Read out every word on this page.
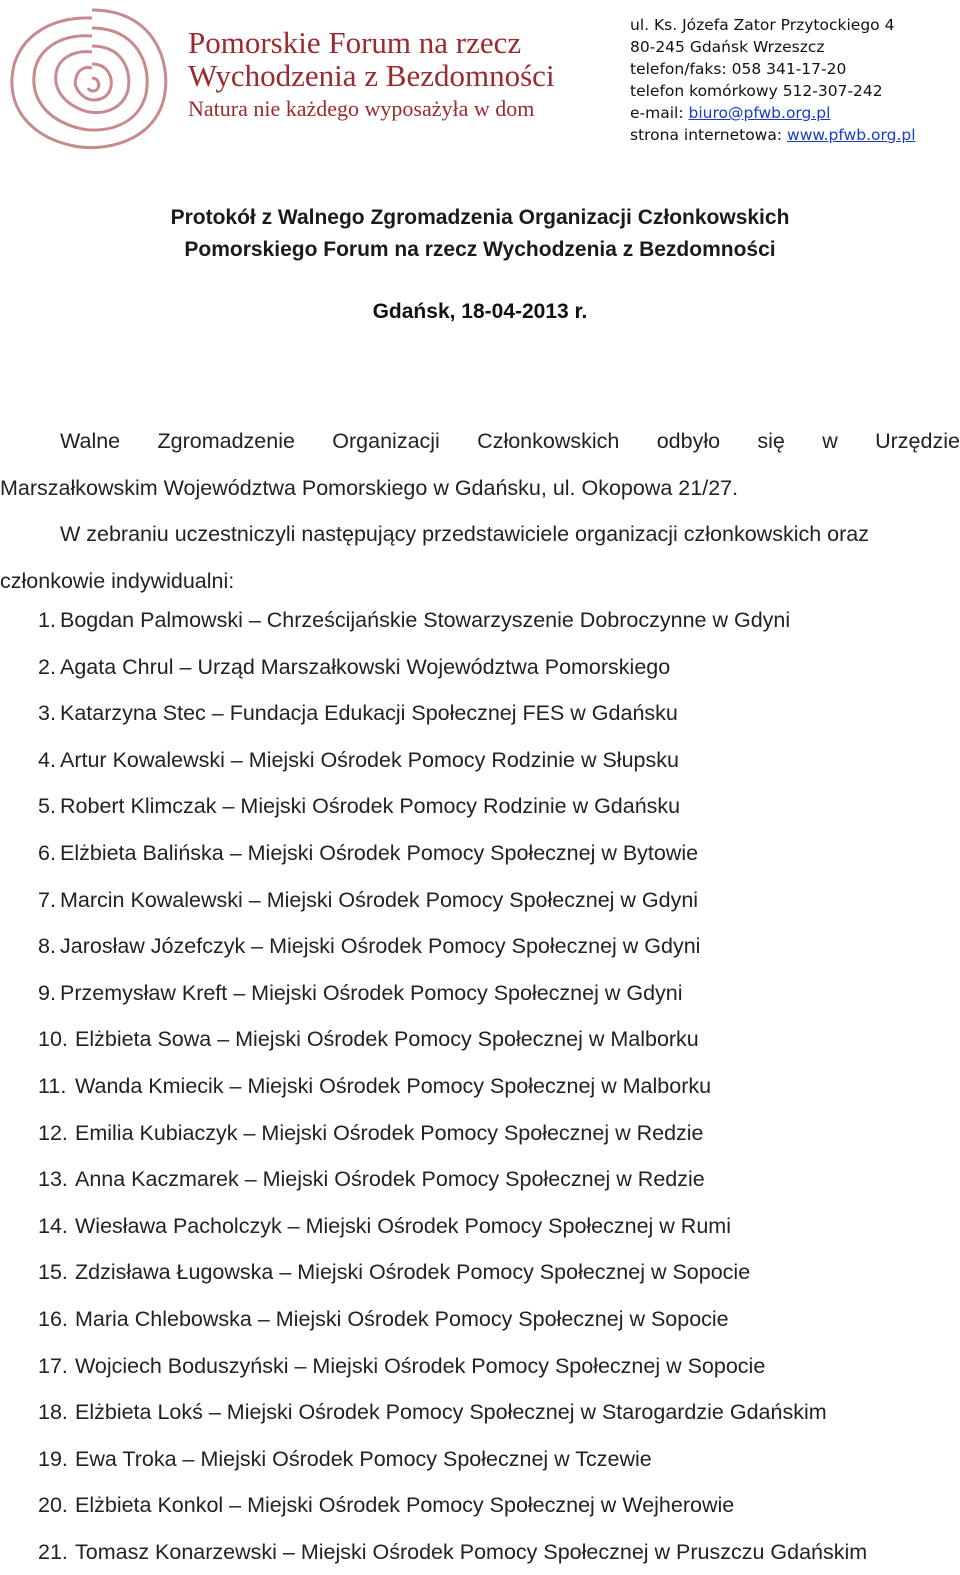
Pomorskie Forum na rzecz
Wychodzenia z Bezdomności
Natura nie każdego wyposażyła w dom
ul. Ks. Józefa Zator Przytockiego 4
80-245 Gdańsk Wrzeszcz
telefon/faks: 058 341-17-20
telefon komórkowy 512-307-242
e-mail: biuro@pfwb.org.pl
strona internetowa: www.pfwb.org.pl
Protokół z Walnego Zgromadzenia Organizacji Członkowskich
Pomorskiego Forum na rzecz Wychodzenia z Bezdomności
Gdańsk, 18-04-2013 r.
Walne Zgromadzenie Organizacji Członkowskich odbyło się w Urzędzie
Marszałkowskim Województwa Pomorskiego w Gdańsku, ul. Okopowa 21/27.
W zebraniu uczestniczyli następujący przedstawiciele organizacji członkowskich oraz
członkowie indywidualni:
1. Bogdan Palmowski – Chrześcijańskie Stowarzyszenie Dobroczynne w Gdyni
2. Agata Chrul – Urząd Marszałkowski Województwa Pomorskiego
3. Katarzyna Stec – Fundacja Edukacji Społecznej FES w Gdańsku
4. Artur Kowalewski – Miejski Ośrodek Pomocy Rodzinie w Słupsku
5. Robert Klimczak – Miejski Ośrodek Pomocy Rodzinie w Gdańsku
6. Elżbieta Balińska – Miejski Ośrodek Pomocy Społecznej w Bytowie
7. Marcin Kowalewski – Miejski Ośrodek Pomocy Społecznej w Gdyni
8. Jarosław Józefczyk – Miejski Ośrodek Pomocy Społecznej w Gdyni
9. Przemysław Kreft – Miejski Ośrodek Pomocy Społecznej w Gdyni
10. Elżbieta Sowa – Miejski Ośrodek Pomocy Społecznej w Malborku
11. Wanda Kmiecik – Miejski Ośrodek Pomocy Społecznej w Malborku
12. Emilia Kubiaczyk – Miejski Ośrodek Pomocy Społecznej w Redzie
13. Anna Kaczmarek – Miejski Ośrodek Pomocy Społecznej w Redzie
14. Wiesława Pacholczyk – Miejski Ośrodek Pomocy Społecznej w Rumi
15. Zdzisława Ługowska – Miejski Ośrodek Pomocy Społecznej w Sopocie
16. Maria Chlebowska – Miejski Ośrodek Pomocy Społecznej w Sopocie
17. Wojciech Boduszyński – Miejski Ośrodek Pomocy Społecznej w Sopocie
18. Elżbieta Lokś – Miejski Ośrodek Pomocy Społecznej w Starogardzie Gdańskim
19. Ewa Troka – Miejski Ośrodek Pomocy Społecznej w Tczewie
20. Elżbieta Konkol – Miejski Ośrodek Pomocy Społecznej w Wejherowie
21. Tomasz Konarzewski – Miejski Ośrodek Pomocy Społecznej w Pruszczu Gdańskim
